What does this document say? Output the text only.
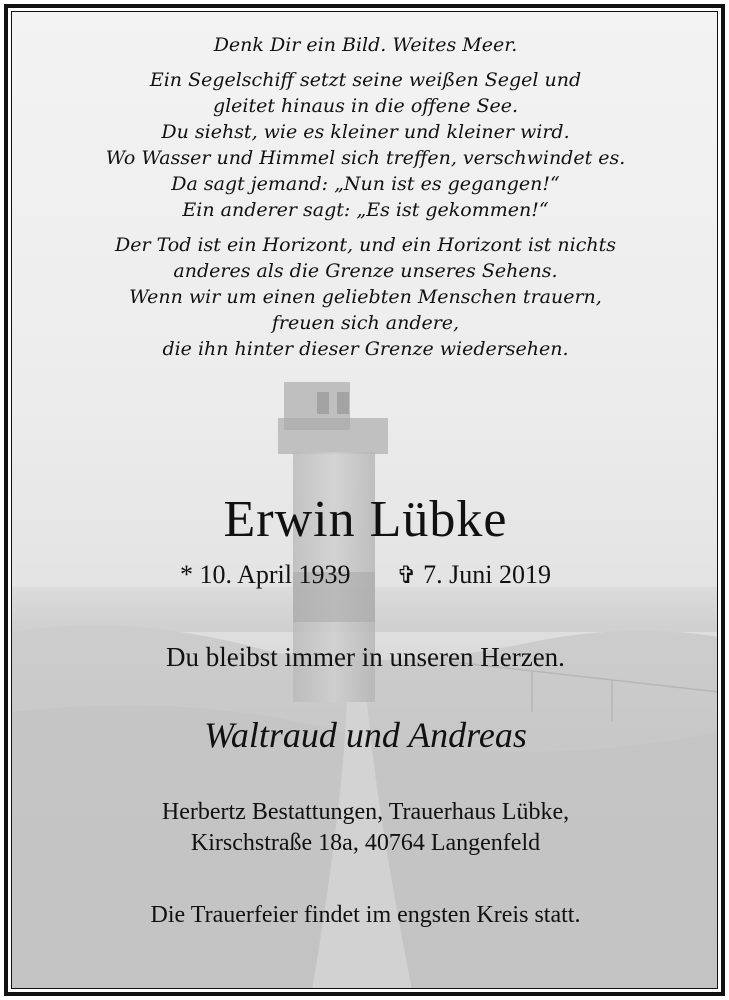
Denk Dir ein Bild. Weites Meer.

Ein Segelschiff setzt seine weißen Segel und

gleitet hinaus in die offene See.

Du siehst, wie es kleiner und kleiner wird.

Wo Wasser und Himmel sich treffen, verschwindet es.

Da sagt jemand: „Nun ist es gegangen!“

Ein anderer sagt: „Es ist gekommen!“

Der Tod ist ein Horizont, und ein Horizont ist nichts

anderes als die Grenze unseres Sehens.

Wenn wir um einen geliebten Menschen trauern,

freuen sich andere,

die ihn hinter dieser Grenze wiedersehen.

Erwin Lübke
* 10. April 1939 ✞ 7. Juni 2019
Du bleibst immer in unseren Herzen.
Waltraud und Andreas
Herbertz Bestattungen, Trauerhaus Lübke,
Kirschstraße 18a, 40764 Langenfeld
Die Trauerfeier findet im engsten Kreis statt.
